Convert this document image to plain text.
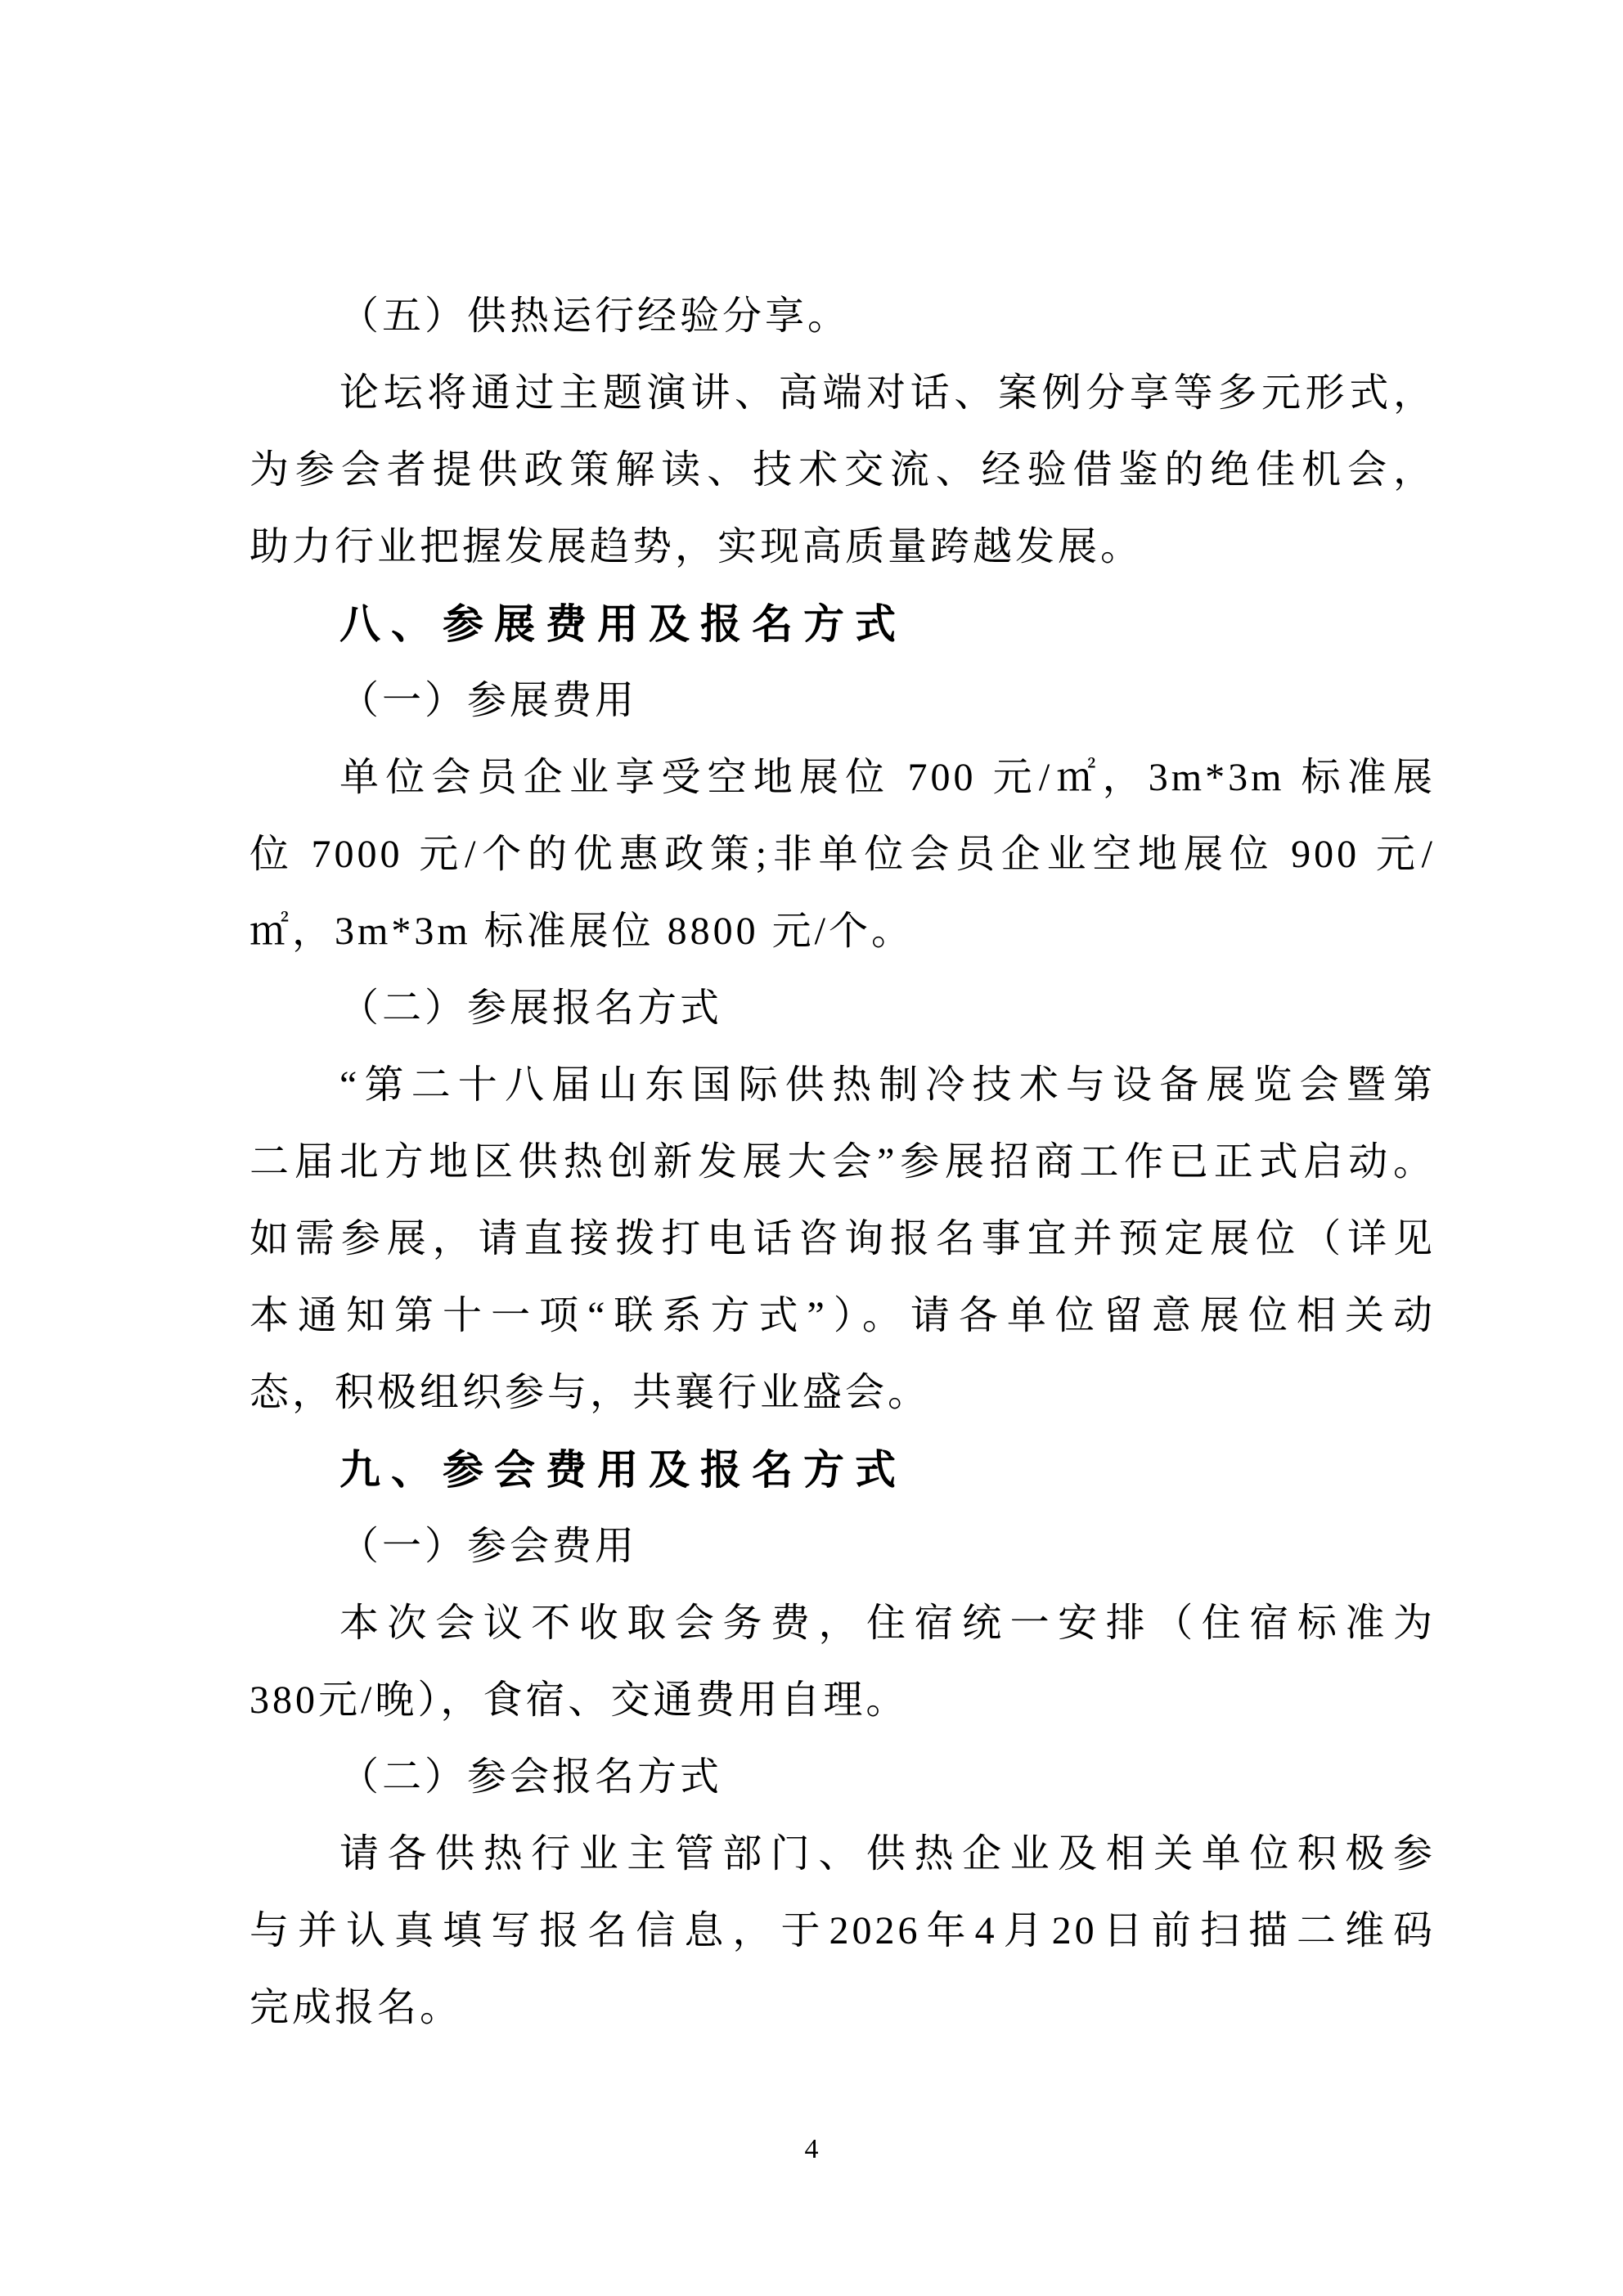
（五）供热运行经验分享。
论坛将通过主题演讲、高端对话、案例分享等多元形式，
为参会者提供政策解读、技术交流、经验借鉴的绝佳机会，
助力行业把握发展趋势，实现高质量跨越发展。
八、参展费用及报名方式
（一）参展费用
单位会员企业享受空地展位 700 元/㎡，3m*3m 标准展
位 7000 元/个的优惠政策;非单位会员企业空地展位 900 元/
㎡，3m*3m 标准展位 8800 元/个。
（二）参展报名方式
“第二十八届山东国际供热制冷技术与设备展览会暨第
二届北方地区供热创新发展大会”参展招商工作已正式启动。
如需参展，请直接拨打电话咨询报名事宜并预定展位（详见
本通知第十一项“联系方式”）。请各单位留意展位相关动
态，积极组织参与，共襄行业盛会。
九、参会费用及报名方式
（一）参会费用
本次会议不收取会务费，住宿统一安排（住宿标准为
380元/晚），食宿、交通费用自理。
（二）参会报名方式
请各供热行业主管部门、供热企业及相关单位积极参
与并认真填写报名信息，于2026年4月20日前扫描二维码
完成报名。
4
